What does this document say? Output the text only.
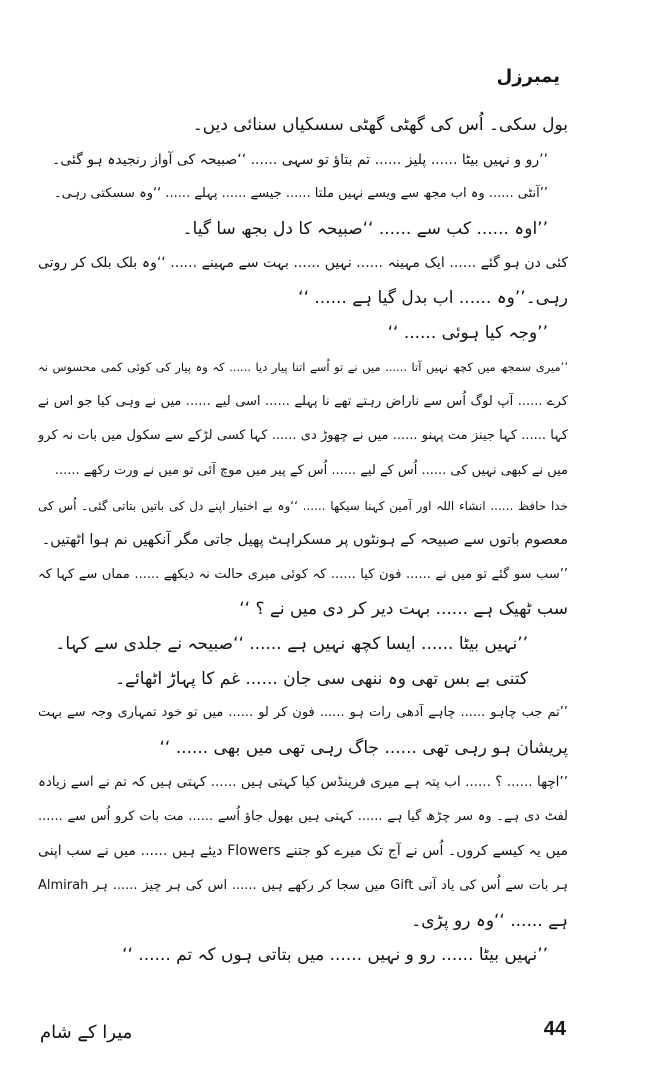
یمبرزل
بول سکی۔ اُس کی گھٹی گھٹی سسکیاں سنائی دیں۔
’’رو و نہیں بیٹا ...... پلیز ...... تم بتاؤ تو سہی ...... ‘‘صبیحہ کی آواز رنجیدہ ہو گئی۔
’’آنٹی ...... وہ اب مجھ سے ویسے نہیں ملتا ...... جیسے ...... پہلے ...... ‘‘وہ سسکتی رہی۔
’’اوہ ...... کب سے ...... ‘‘صبیحہ کا دل بجھ سا گیا۔
کئی دن ہو گئے ...... ایک مہینہ ...... نہیں ...... بہت سے مہینے ...... ‘‘وہ بلک بلک کر روتی
رہی۔’’وہ ...... اب بدل گیا ہے ...... ‘‘
’’وجہ کیا ہوئی ...... ‘‘
’’میری سمجھ میں کچھ نہیں آتا ...... میں نے تو اُسے اتنا پیار دیا ...... کہ وہ پیار کی کوئی کمی محسوس نہ
کرے ...... آپ لوگ اُس سے ناراض رہتے تھے نا پہلے ...... اسی لیے ...... میں نے وہی کیا جو اس نے
کہا ...... کہا جینز مت پہنو ...... میں نے چھوڑ دی ...... کہا کسی لڑکے سے سکول میں بات نہ کرو
میں نے کبھی نہیں کی ...... اُس کے لیے ...... اُس کے پیر میں موچ آئی تو میں نے ورت رکھے ......
خدا حافظ ...... انشاء اللہ اور آمین کہنا سیکھا ...... ‘‘وہ بے اختیار اپنے دل کی باتیں بتاتی گئی۔ اُس کی
معصوم باتوں سے صبیحہ کے ہونٹوں پر مسکراہٹ پھیل جاتی مگر آنکھیں نم ہوا اٹھتیں۔
’’سب سو گئے تو میں نے ...... فون کیا ...... کہ کوئی میری حالت نہ دیکھے ...... مماں سے کہا کہ
سب ٹھیک ہے ...... بہت دیر کر دی میں نے ؟ ‘‘
’’نہیں بیٹا ...... ایسا کچھ نہیں ہے ...... ‘‘صبیحہ نے جلدی سے کہا۔
کتنی بے بس تھی وہ ننھی سی جان ...... غم کا پہاڑ اٹھائے۔
’’تم جب چاہو ...... چاہے آدھی رات ہو ...... فون کر لو ...... میں تو خود تمہاری وجہ سے بہت
پریشان ہو رہی تھی ...... جاگ رہی تھی میں بھی ...... ‘‘
’’اچھا ...... ؟ ...... اب پتہ ہے میری فرینڈس کیا کہتی ہیں ...... کہتی ہیں کہ تم نے اسے زیادہ
لفٹ دی ہے۔ وہ سر چڑھ گیا ہے ...... کہتی ہیں بھول جاؤ اُسے ...... مت بات کرو اُس سے ......
میں یہ کیسے کروں۔ اُس نے آج تک میرے کو جتنے Flowers دیئے ہیں ...... میں نے سب اپنی
Almirah میں سجا کر رکھے ہیں ...... اس کی ہر چیز ...... ہر Gift ہر بات سے اُس کی یاد آتی
ہے ...... ‘‘وہ رو پڑی۔
’’نہیں بیٹا ...... رو و نہیں ...... میں بتاتی ہوں کہ تم ...... ‘‘
میرا کے شام	44
